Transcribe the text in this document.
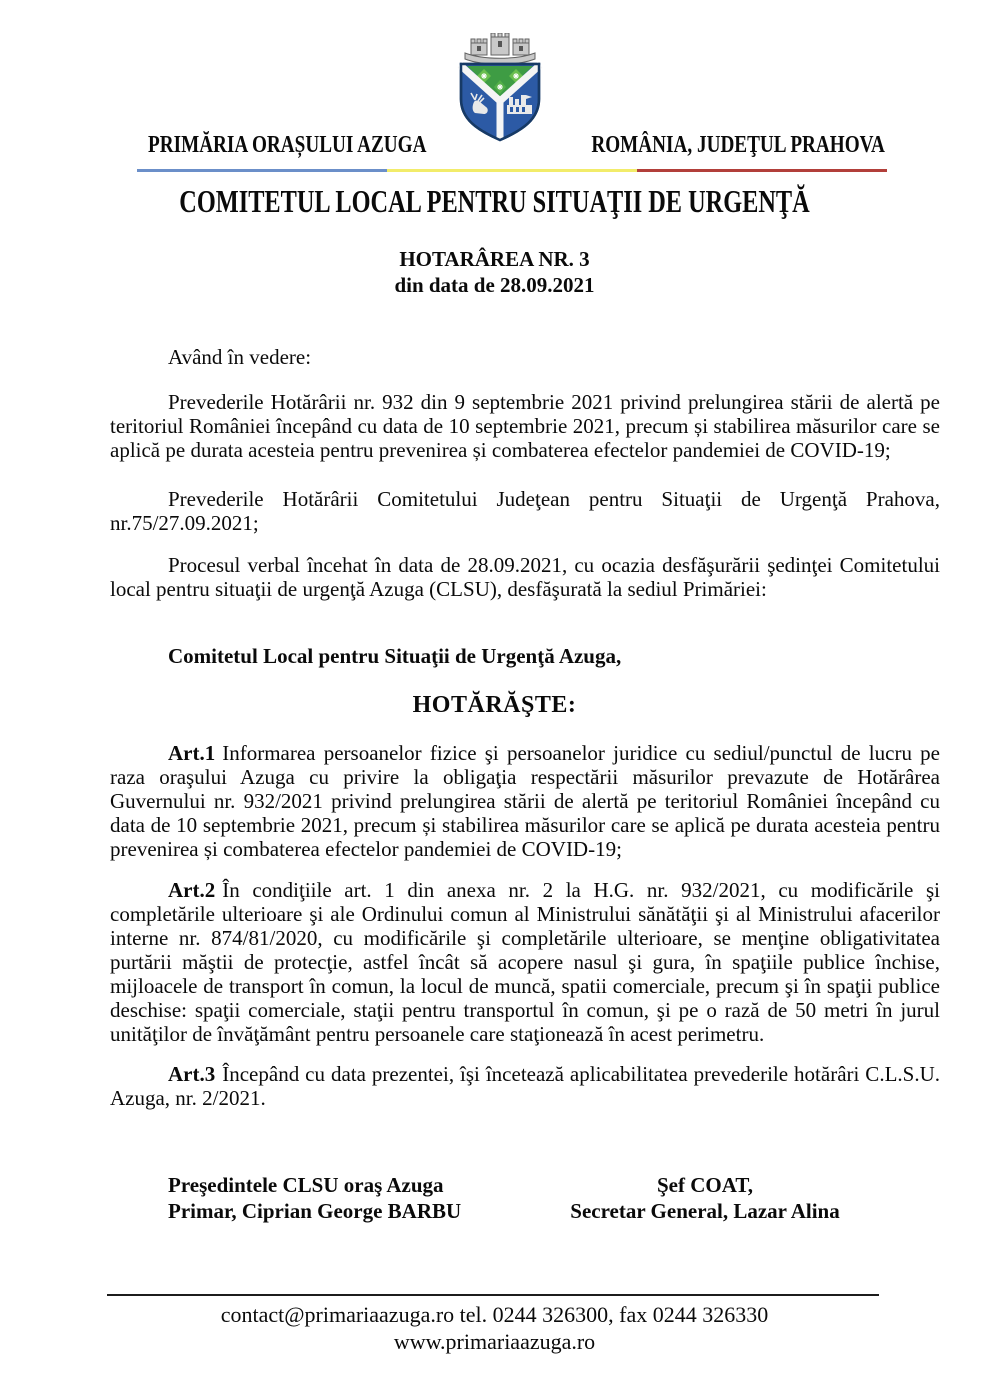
PRIMĂRIA ORAȘULUI AZUGA	ROMÂNIA, JUDEŢUL PRAHOVA
COMITETUL LOCAL PENTRU SITUAŢII DE URGENŢĂ
HOTARÂREA NR. 3
din data de 28.09.2021

Având în vedere:

Prevederile Hotărârii nr. 932 din 9 septembrie 2021 privind prelungirea stării de alertă pe teritoriul României începând cu data de 10 septembrie 2021, precum și stabilirea măsurilor care se aplică pe durata acesteia pentru prevenirea și combaterea efectelor pandemiei de COVID-19;

Prevederile Hotărârii Comitetului Judeţean pentru Situaţii de Urgenţă Prahova, nr.75/27.09.2021;

Procesul verbal încehat în data de 28.09.2021, cu ocazia desfăşurării şedinţei Comitetului local pentru situaţii de urgenţă Azuga (CLSU), desfăşurată la sediul Primăriei:

Comitetul Local pentru Situaţii de Urgenţă Azuga,

HOTĂRĂŞTE:

Art.1 Informarea persoanelor fizice şi persoanelor juridice cu sediul/punctul de lucru pe raza oraşului Azuga cu privire la obligaţia respectării măsurilor prevazute de Hotărârea Guvernului nr. 932/2021 privind prelungirea stării de alertă pe teritoriul României începând cu data de 10 septembrie 2021, precum și stabilirea măsurilor care se aplică pe durata acesteia pentru prevenirea și combaterea efectelor pandemiei de COVID-19;

Art.2 În condiţiile art. 1 din anexa nr. 2 la H.G. nr. 932/2021, cu modificările şi completările ulterioare şi ale Ordinului comun al Ministrului sănătăţii şi al Ministrului afacerilor interne nr. 874/81/2020, cu modificările şi completările ulterioare, se menţine obligativitatea purtării măştii de protecţie, astfel încât să acopere nasul şi gura, în spaţiile publice închise, mijloacele de transport în comun, la locul de muncă, spatii comerciale, precum şi în spaţii publice deschise: spaţii comerciale, staţii pentru transportul în comun, şi pe o rază de 50 metri în jurul unităţilor de învăţământ pentru persoanele care staţionează în acest perimetru.

Art.3 Începând cu data prezentei, îşi încetează aplicabilitatea prevederile hotărâri C.L.S.U. Azuga, nr. 2/2021.

Preşedintele CLSU oraş Azuga
Primar, Ciprian George BARBU
Şef COAT,
Secretar General, Lazar Alina
contact@primariaazuga.ro tel. 0244 326300, fax 0244 326330
www.primariaazuga.ro
